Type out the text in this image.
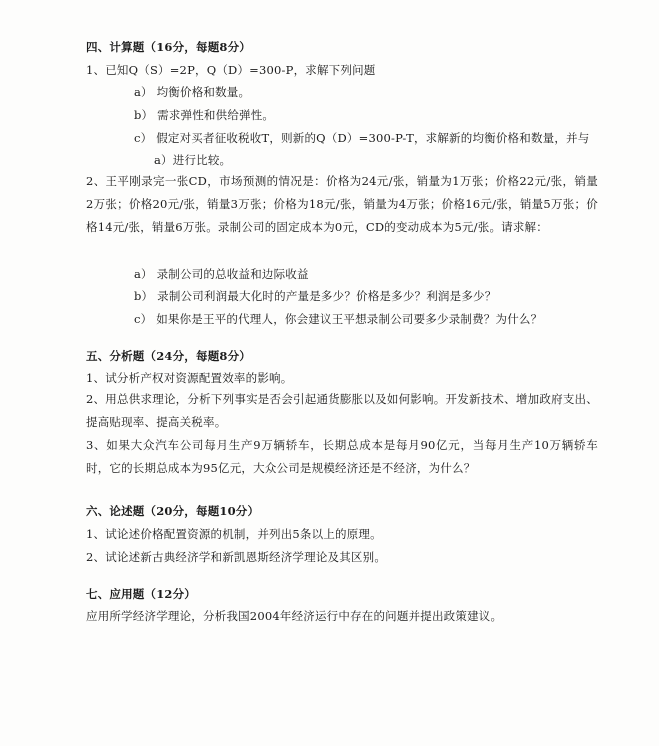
四、计算题（16分，每题8分）
1、已知Q（S）=2P，Q（D）=300-P，求解下列问题
a） 均衡价格和数量。
b） 需求弹性和供给弹性。
c） 假定对买者征收税收T，则新的Q（D）=300-P-T，求解新的均衡价格和数量，并与
a）进行比较。
2、王平刚录完一张CD，市场预测的情况是：价格为24元/张，销量为1万张；价格22元/张，销量2万张；价格20元/张，销量3万张；价格为18元/张，销量为4万张；价格16元/张，销量5万张；价格14元/张，销量6万张。录制公司的固定成本为0元，CD的变动成本为5元/张。请求解：
a） 录制公司的总收益和边际收益
b） 录制公司利润最大化时的产量是多少？价格是多少？利润是多少？
c） 如果你是王平的代理人，你会建议王平想录制公司要多少录制费？为什么？
五、分析题（24分，每题8分）
1、试分析产权对资源配置效率的影响。
2、用总供求理论，分析下列事实是否会引起通货膨胀以及如何影响。开发新技术、增加政府支出、提高贴现率、提高关税率。
3、如果大众汽车公司每月生产9万辆轿车，长期总成本是每月90亿元，当每月生产10万辆轿车时，它的长期总成本为95亿元，大众公司是规模经济还是不经济，为什么？
六、论述题（20分，每题10分）
1、试论述价格配置资源的机制，并列出5条以上的原理。
2、试论述新古典经济学和新凯恩斯经济学理论及其区别。
七、应用题（12分）
应用所学经济学理论，分析我国2004年经济运行中存在的问题并提出政策建议。
